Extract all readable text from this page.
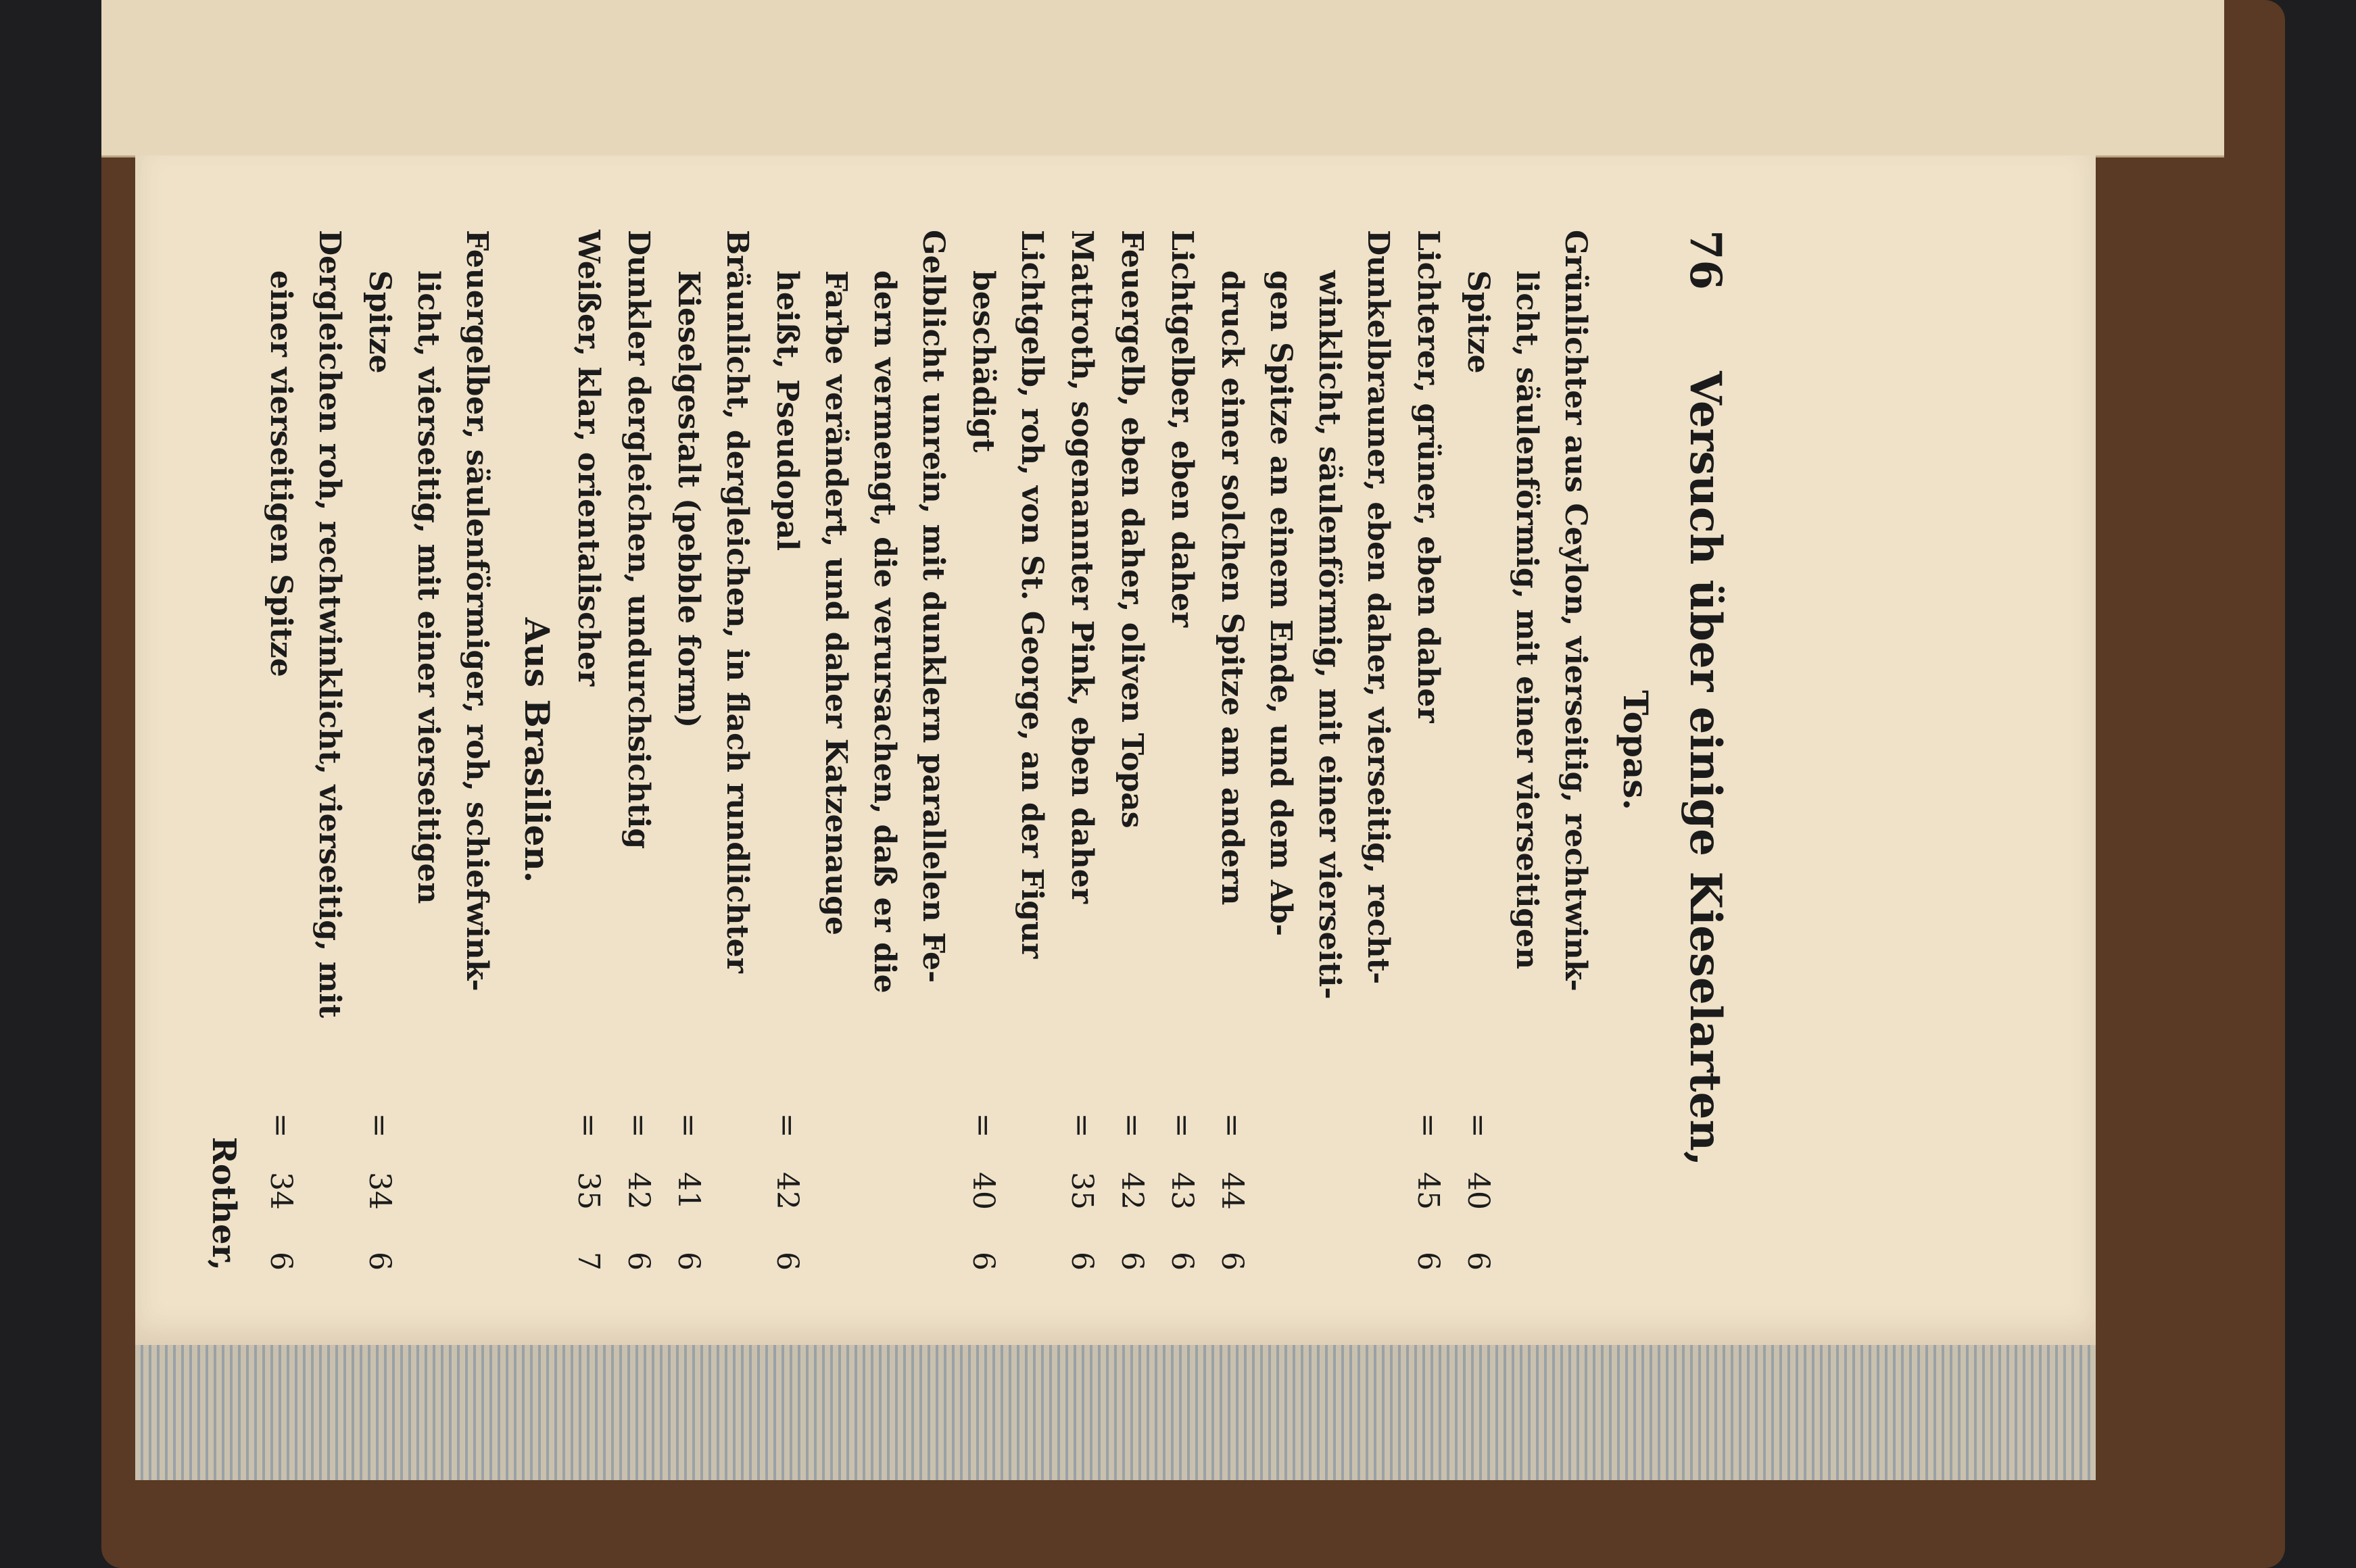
76
Versuch über einige Kieselarten,
Topas.
Grünlichter aus Ceylon, vierseitig, rechtwink-
licht, säulenförmig, mit einer vierseitigen
Spitze
=
40
6
Lichterer, grüner, eben daher
=
45
6
Dunkelbrauner, eben daher, vierseitig, recht-
winklicht, säulenförmig, mit einer vierseiti-
gen Spitze an einem Ende, und dem Ab-
druck einer solchen Spitze am andern
=
44
6
Lichtgelber, eben daher
=
43
6
Feuergelb, eben daher, oliven Topas
=
42
6
Mattroth, sogenannter Pink, eben daher
=
35
6
Lichtgelb, roh, von St. George, an der Figur
beschädigt
=
40
6
Gelblicht unrein, mit dunklern parallelen Fe-
dern vermengt, die verursachen, daß er die
Farbe verändert, und daher Katzenauge
heißt, Pseudopal
=
42
6
Bräunlicht, dergleichen, in flach rundlichter
Kieselgestalt (pebble form)
=
41
6
Dunkler dergleichen, undurchsichtig
=
42
6
Weißer, klar, orientalischer
=
35
7
Aus Brasilien.
Feuergelber, säulenförmiger, roh, schiefwink-
licht, vierseitig, mit einer vierseitigen
Spitze
=
34
6
Dergleichen roh, rechtwinklicht, vierseitig, mit
einer vierseitigen Spitze
=
34
6
Rother,
